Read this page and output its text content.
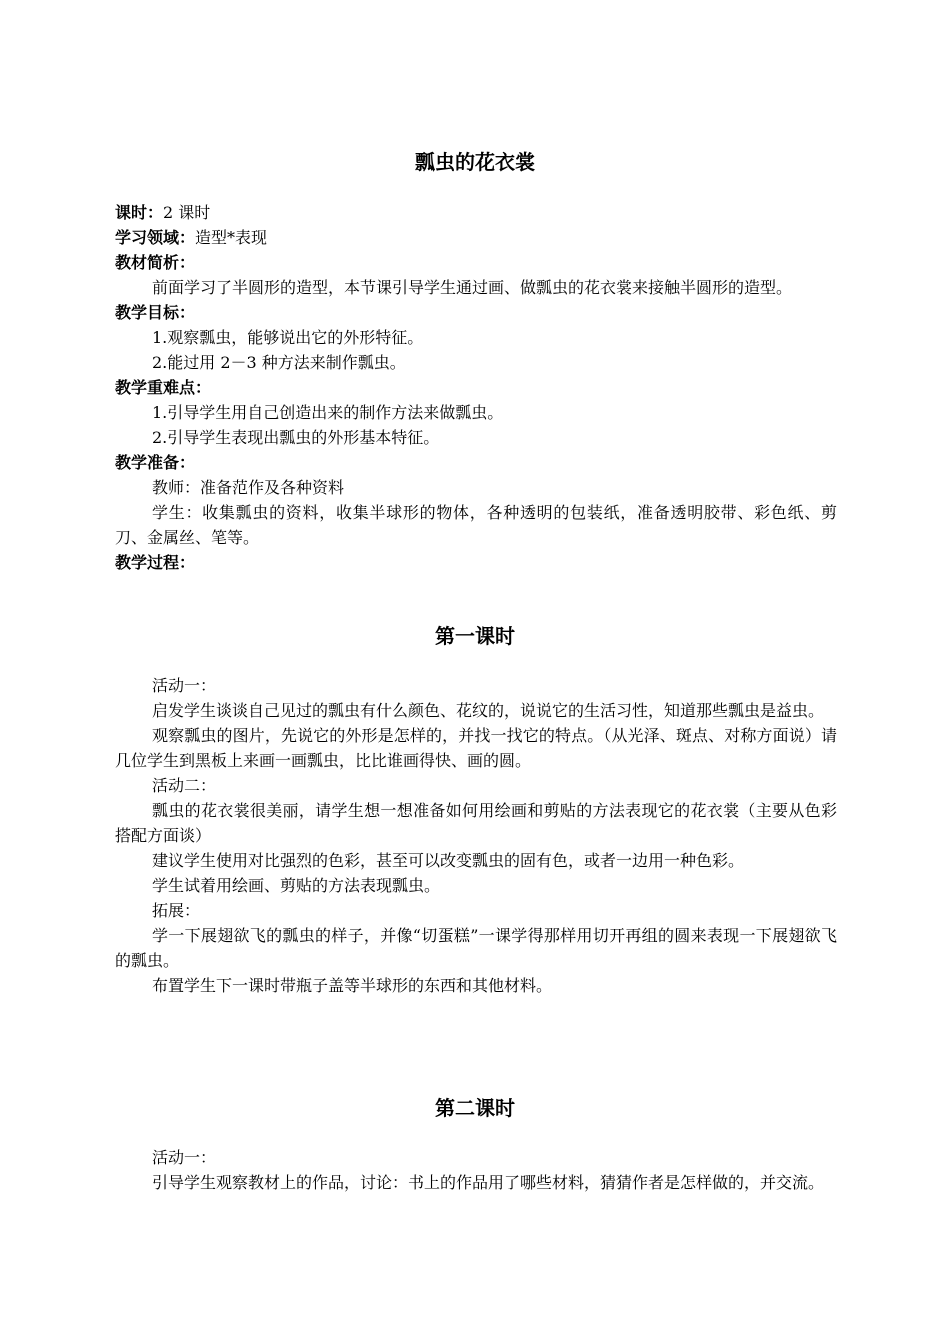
瓢虫的花衣裳
课时：2 课时
学习领域：造型*表现
教材简析：
前面学习了半圆形的造型，本节课引导学生通过画、做瓢虫的花衣裳来接触半圆形的造型。
教学目标：
1.观察瓢虫，能够说出它的外形特征。
2.能过用 2－3 种方法来制作瓢虫。
教学重难点：
1.引导学生用自己创造出来的制作方法来做瓢虫。
2.引导学生表现出瓢虫的外形基本特征。
教学准备：
教师：准备范作及各种资料
学生：收集瓢虫的资料，收集半球形的物体，各种透明的包装纸，准备透明胶带、彩色纸、剪刀、金属丝、笔等。
教学过程：
第一课时
活动一：
启发学生谈谈自己见过的瓢虫有什么颜色、花纹的，说说它的生活习性，知道那些瓢虫是益虫。
观察瓢虫的图片，先说它的外形是怎样的，并找一找它的特点。（从光泽、斑点、对称方面说）请几位学生到黑板上来画一画瓢虫，比比谁画得快、画的圆。
活动二：
瓢虫的花衣裳很美丽，请学生想一想准备如何用绘画和剪贴的方法表现它的花衣裳（主要从色彩搭配方面谈）
建议学生使用对比强烈的色彩，甚至可以改变瓢虫的固有色，或者一边用一种色彩。
学生试着用绘画、剪贴的方法表现瓢虫。
拓展：
学一下展翅欲飞的瓢虫的样子，并像“切蛋糕”一课学得那样用切开再组的圆来表现一下展翅欲飞的瓢虫。
布置学生下一课时带瓶子盖等半球形的东西和其他材料。
第二课时
活动一：
引导学生观察教材上的作品，讨论：书上的作品用了哪些材料，猜猜作者是怎样做的，并交流。
